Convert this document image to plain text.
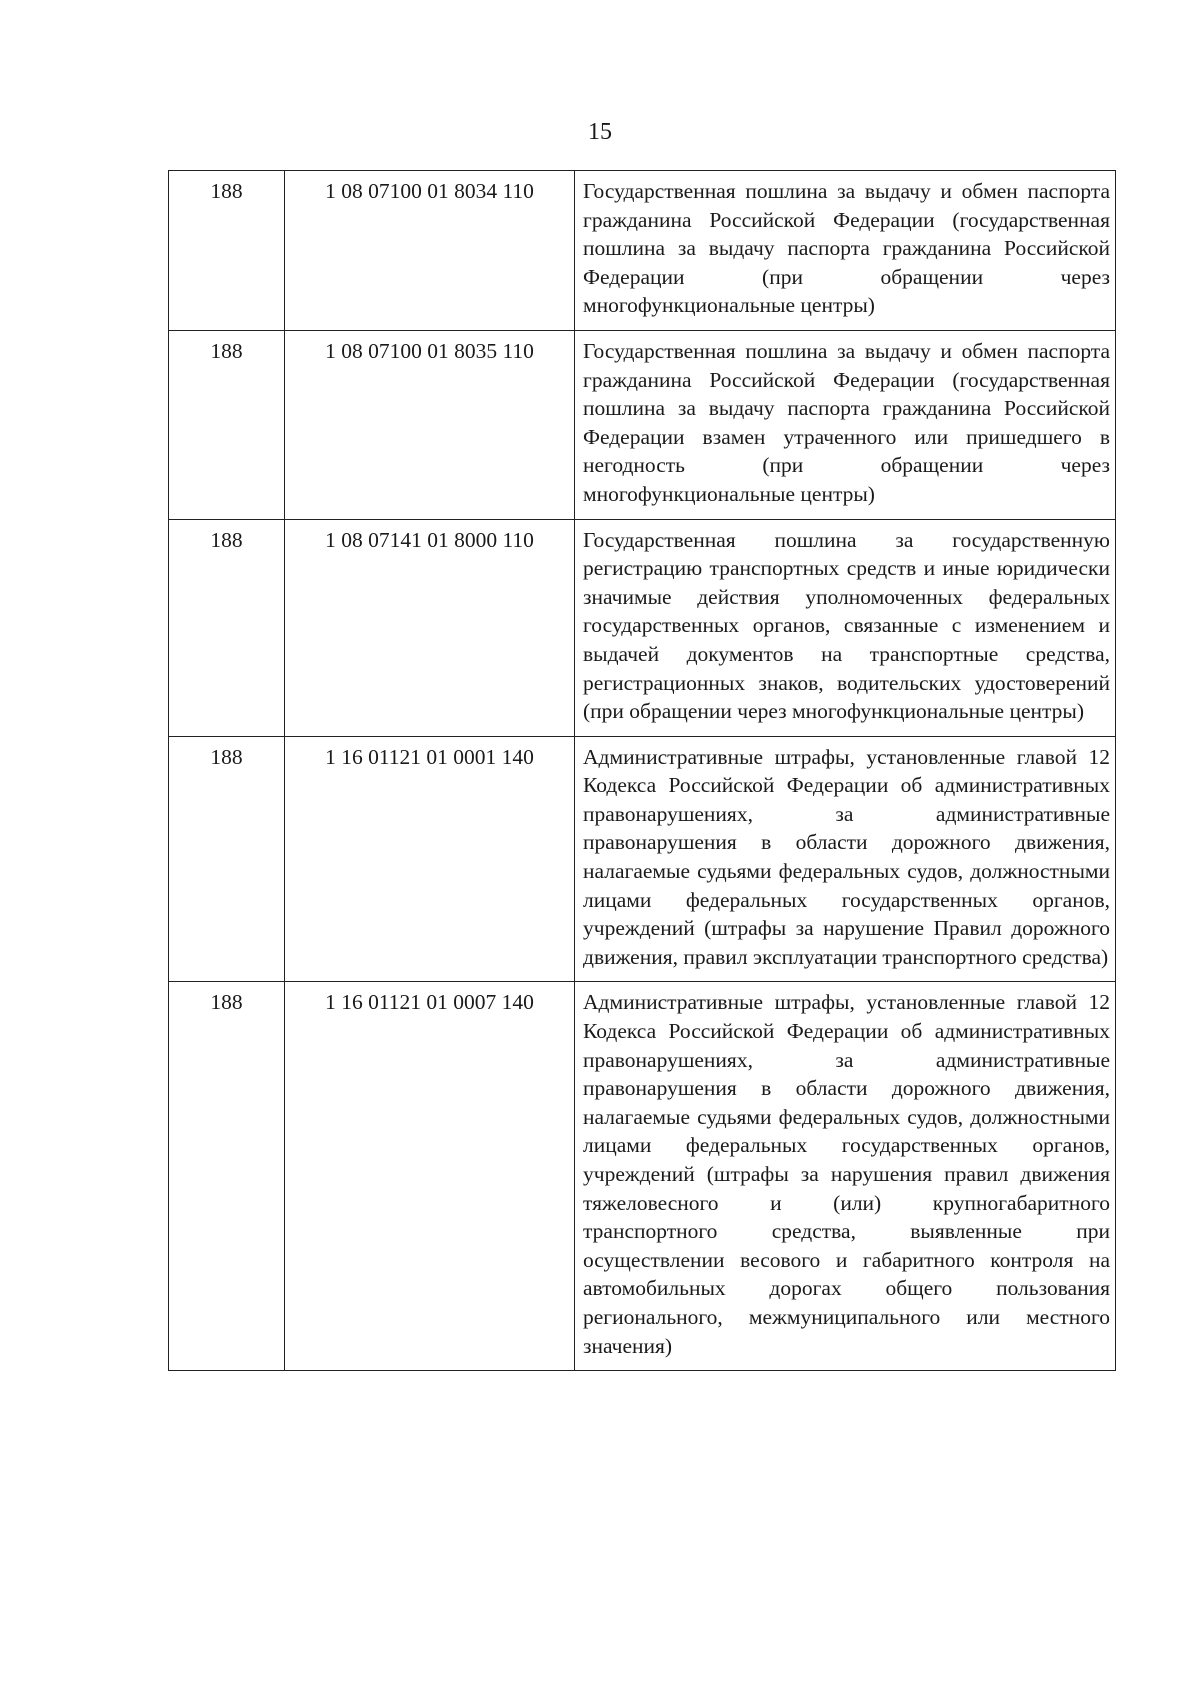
15
188	1 08 07100 01 8034 110	Государственная пошлина за выдачу и обмен паспорта гражданина Российской Федерации (государственная пошлина за выдачу паспорта гражданина Российской Федерации (при обращении через многофункциональные центры)
188	1 08 07100 01 8035 110	Государственная пошлина за выдачу и обмен паспорта гражданина Российской Федерации (государственная пошлина за выдачу паспорта гражданина Российской Федерации взамен утраченного или пришедшего в негодность (при обращении через многофункциональные центры)
188	1 08 07141 01 8000 110	Государственная пошлина за государственную регистрацию транспортных средств и иные юридически значимые действия уполномоченных федеральных государственных органов, связанные с изменением и выдачей документов на транспортные средства, регистрационных знаков, водительских удостоверений (при обращении через многофункциональные центры)
188	1 16 01121 01 0001 140	Административные штрафы, установленные главой 12 Кодекса Российской Федерации об административных правонарушениях, за административные правонарушения в области дорожного движения, налагаемые судьями федеральных судов, должностными лицами федеральных государственных органов, учреждений (штрафы за нарушение Правил дорожного движения, правил эксплуатации транспортного средства)
188	1 16 01121 01 0007 140	Административные штрафы, установленные главой 12 Кодекса Российской Федерации об административных правонарушениях, за административные правонарушения в области дорожного движения, налагаемые судьями федеральных судов, должностными лицами федеральных государственных органов, учреждений (штрафы за нарушения правил движения тяжеловесного и (или) крупногабаритного транспортного средства, выявленные при осуществлении весового и габаритного контроля на автомобильных дорогах общего пользования регионального, межмуниципального или местного значения)
